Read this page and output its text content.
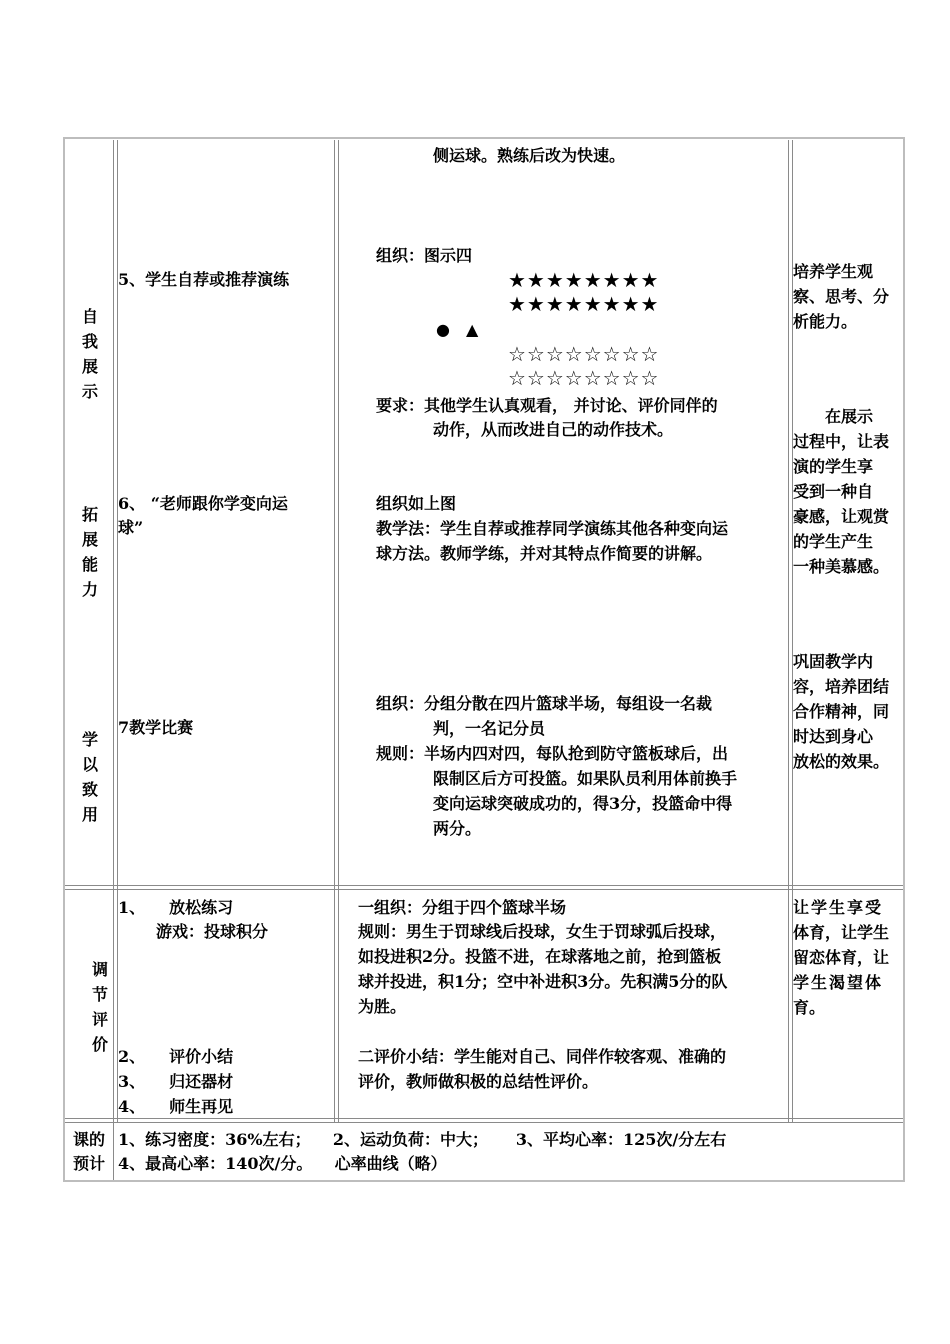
自
我
展
示
拓
展
能
力
学
以
致
用
调
节
评
价
侧运球。熟练后改为快速。
5、学生自荐或推荐演练
组织：图示四
★★★★★★★★
★★★★★★★★
●　▲
☆☆☆☆☆☆☆☆
☆☆☆☆☆☆☆☆
要求：其他学生认真观看， 并讨论、评价同伴的
动作，从而改进自己的动作技术。
培养学生观
察、思考、分
析能力。
6、 “老师跟你学变向运
球”
组织如上图
教学法：学生自荐或推荐同学演练其他各种变向运
球方法。教师学练，并对其特点作简要的讲解。
　　在展示
过程中，让表
演的学生享
受到一种自
豪感，让观赏
的学生产生
一种美慕感。
7教学比赛
组织：分组分散在四片篮球半场，每组设一名裁
判，一名记分员
规则：半场内四对四，每队抢到防守篮板球后，出
限制区后方可投篮。如果队员利用体前换手
变向运球突破成功的，得3分，投篮命中得
两分。
巩固教学内
容，培养团结
合作精神，同
时达到身心
放松的效果。
1、　　放松练习
　游戏：投球积分
2、　　评价小结
3、　　归还器材
4、　　师生再见
一组织：分组于四个篮球半场
规则：男生于罚球线后投球，女生于罚球弧后投球，
如投进积2分。投篮不进，在球落地之前，抢到篮板
球并投进，积1分；空中补进积3分。先积满5分的队
为胜。
二评价小结：学生能对自己、同伴作较客观、准确的
评价，教师做积极的总结性评价。
让学生享受
体育，让学生
留恋体育，让
学生渴望体
育。
课的
预计
1、练习密度：36%左右；    2、运动负荷：中大；     3、平均心率：125次/分左右
4、最高心率：140次/分。    心率曲线（略）
